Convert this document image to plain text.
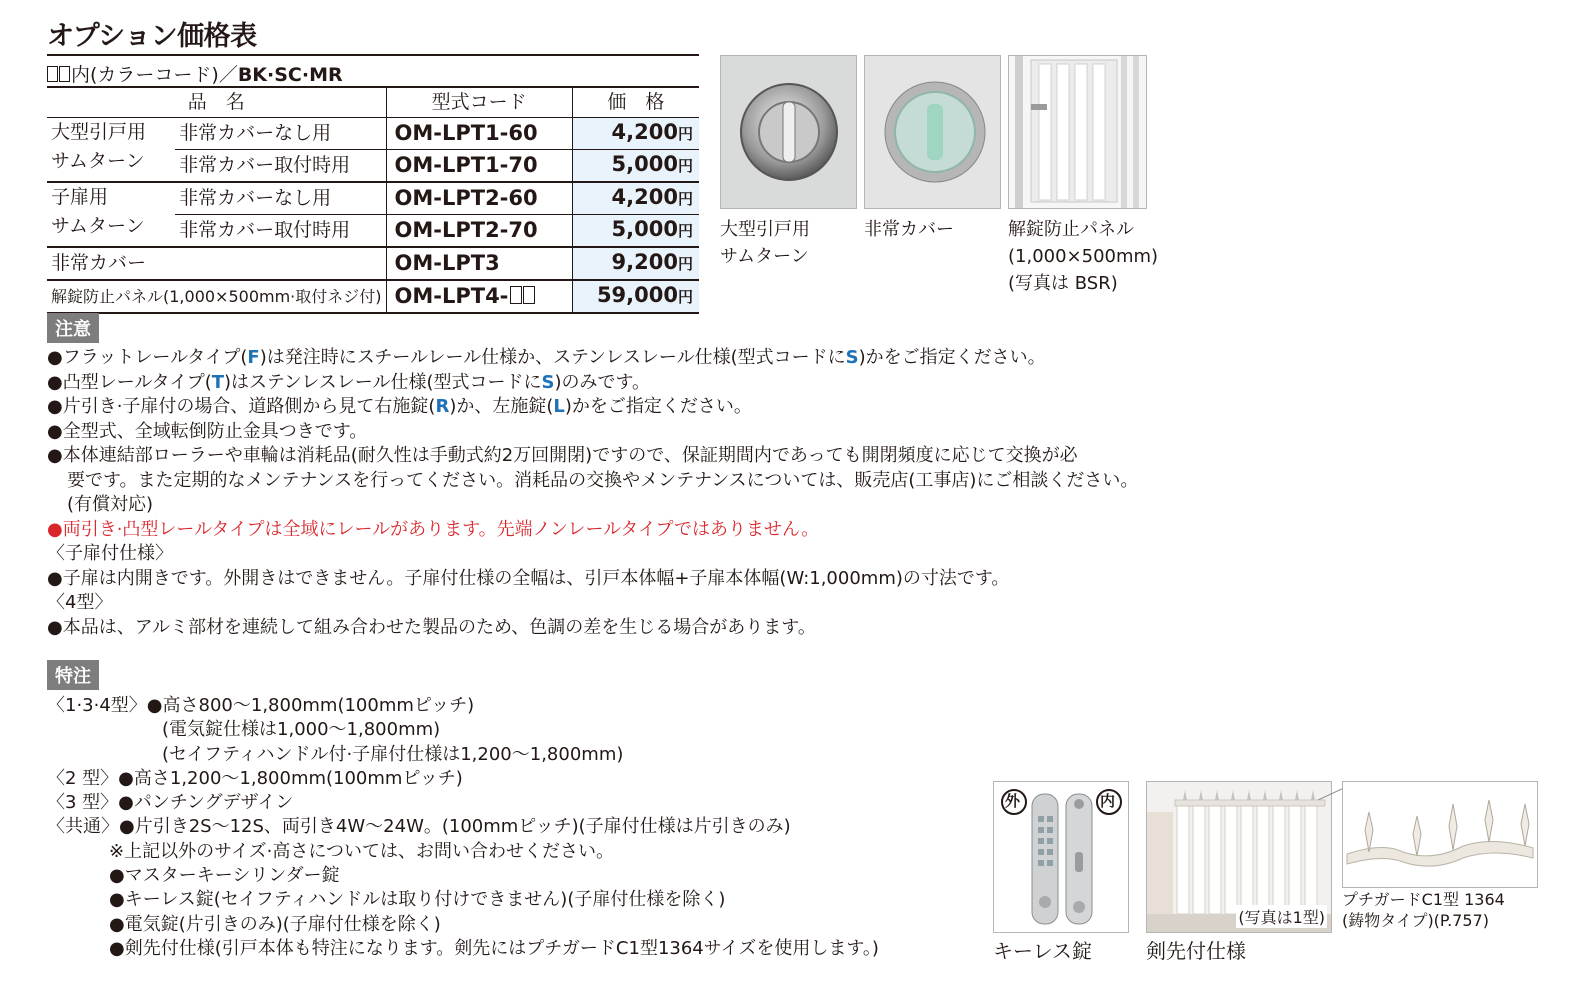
オプション価格表
内(カラーコード)／BK·SC·MR
品　名		型式コード	価　格

大型引戸用
サムターン	非常カバーなし用	OM-LPT1-60	4,200円
	非常カバー取付時用	OM-LPT1-70	5,000円

子扉用
サムターン	非常カバーなし用	OM-LPT2-60	4,200円
	非常カバー取付時用	OM-LPT2-70	5,000円
非常カバー		OM-LPT3	9,200円
解錠防止パネル(1,000×500mm·取付ネジ付)		OM-LPT4-	59,000円
大型引戸用
サムターン
非常カバー	解錠防止パネル
(1,000×500mm)
(写真は BSR)
注意

●フラットレールタイプ(F)は発注時にスチールレール仕様か、ステンレスレール仕様(型式コードにS)かをご指定ください。

●凸型レールタイプ(T)はステンレスレール仕様(型式コードにS)のみです。

●片引き·子扉付の場合、道路側から見て右施錠(R)か、左施錠(L)かをご指定ください。

●全型式、全域転倒防止金具つきです。

●本体連結部ローラーや車輪は消耗品(耐久性は手動式約2万回開閉)ですので、保証期間内であっても開閉頻度に応じて交換が必

要です。また定期的なメンテナンスを行ってください。消耗品の交換やメンテナンスについては、販売店(工事店)にご相談ください。

(有償対応)

●両引き·凸型レールタイプは全域にレールがあります。先端ノンレールタイプではありません。

〈子扉付仕様〉

●子扉は内開きです。外開きはできません。子扉付仕様の全幅は、引戸本体幅+子扉本体幅(W:1,000mm)の寸法です。

〈4型〉

●本品は、アルミ部材を連続して組み合わせた製品のため、色調の差を生じる場合があります。

特注

〈1·3·4型〉●高さ800～1,800mm(100mmピッチ)

(電気錠仕様は1,000～1,800mm)

(セイフティハンドル付·子扉付仕様は1,200～1,800mm)

〈2 型〉●高さ1,200～1,800mm(100mmピッチ)

〈3 型〉●パンチングデザイン

〈共通〉●片引き2S～12S、両引き4W～24W。(100mmピッチ)(子扉付仕様は片引きのみ)

※上記以外のサイズ·高さについては、お問い合わせください。

●マスターキーシリンダー錠

●キーレス錠(セイフティハンドルは取り付けできません)(子扉付仕様を除く)

●電気錠(片引きのみ)(子扉付仕様を除く)

●剣先付仕様(引戸本体も特注になります。剣先にはプチガードC1型1364サイズを使用します。)

外	内
キーレス錠
(写真は1型)
剣先付仕様
プチガードC1型 1364
(鋳物タイプ)(P.757)
